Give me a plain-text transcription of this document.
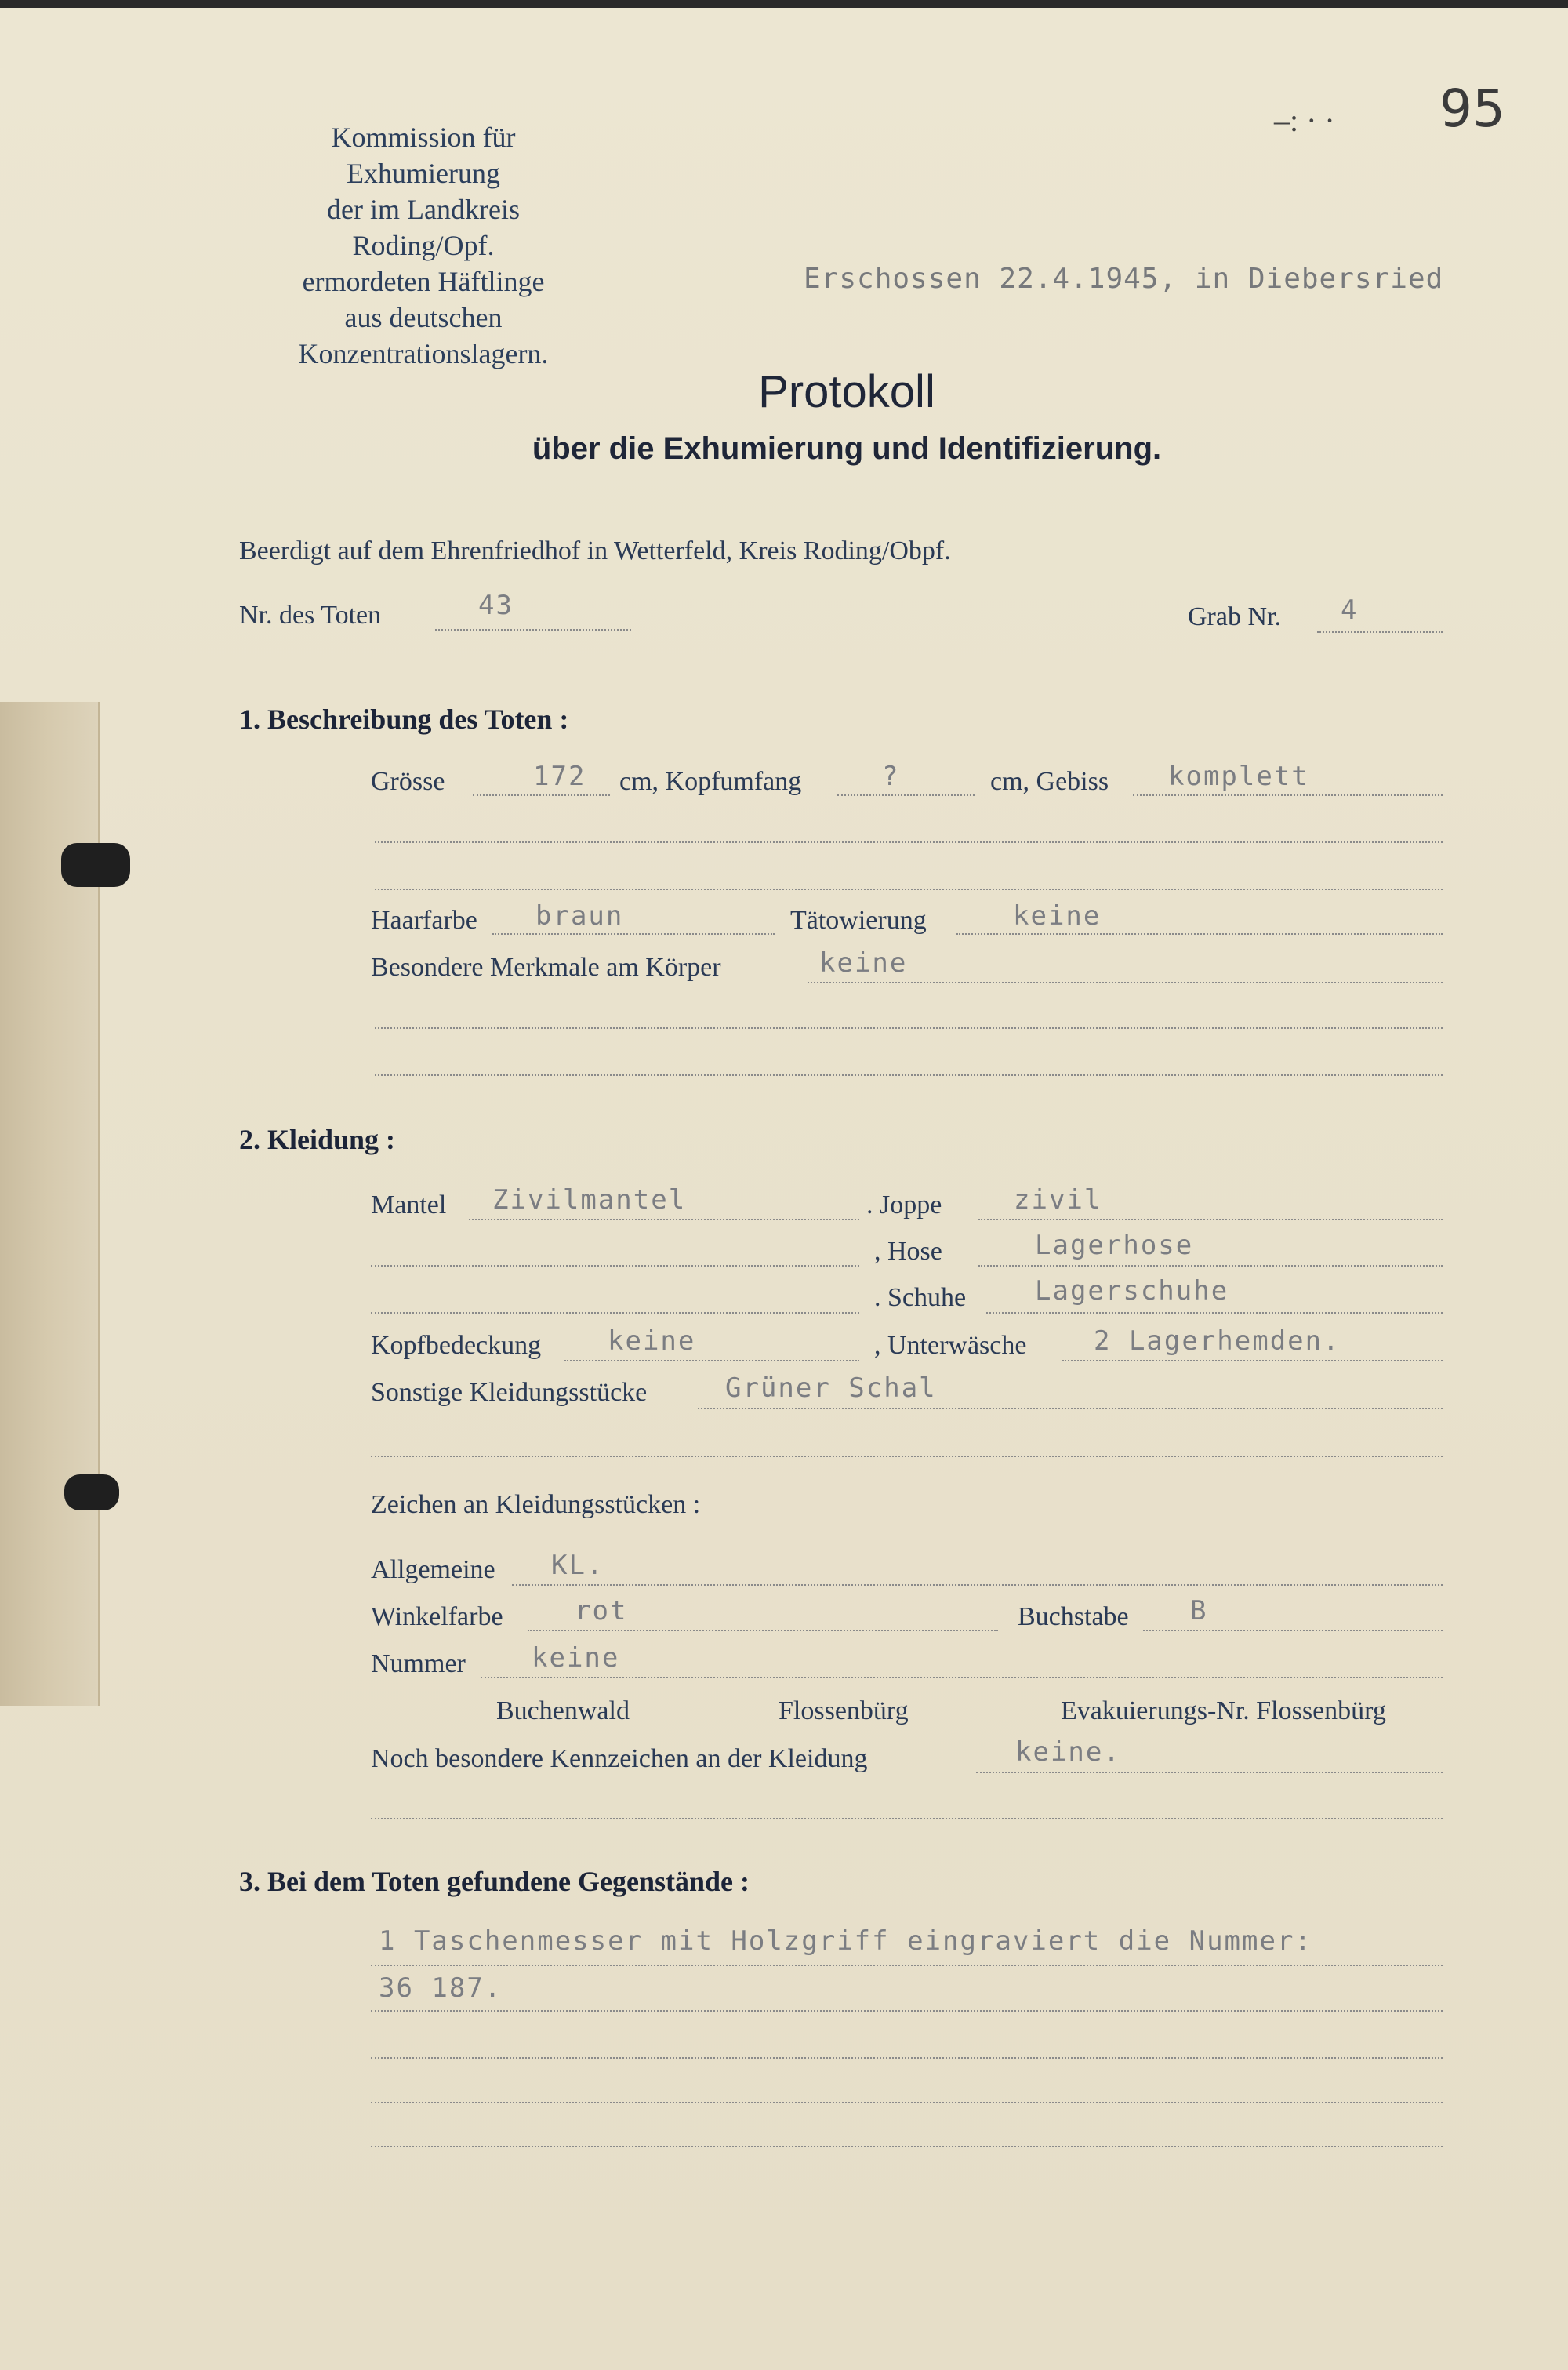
–: · · 95
Kommission für Exhumierung
der im Landkreis Roding/Opf.
ermordeten Häftlinge
aus deutschen Konzentrationslagern.
Erschossen 22.4.1945, in Diebersried
Protokoll
über die Exhumierung und Identifizierung.
Beerdigt auf dem Ehrenfriedhof in Wetterfeld, Kreis Roding/Obpf.
Nr. des Toten	43	Grab Nr. 4
1. Beschreibung des Toten :
Grösse	172 cm, Kopfumfang	?	cm, Gebiss komplett
Haarfarbe braun	Tätowierung	keine
Besondere Merkmale am Körper	keine
2. Kleidung :
Mantel Zivilmantel	. Joppe	zivil
, Hose	Lagerhose
. Schuhe	Lagerschuhe
Kopfbedeckung keine	, Unterwäsche	2 Lagerhemden.
Sonstige Kleidungsstücke	Grüner Schal
Zeichen an Kleidungsstücken :
Allgemeine KL.
Winkelfarbe	rot	Buchstabe B
Nummer keine
Buchenwald	Flossenbürg	Evakuierungs-Nr. Flossenbürg
Noch besondere Kennzeichen an der Kleidung	keine.
3. Bei dem Toten gefundene Gegenstände :
1 Taschenmesser mit Holzgriff eingraviert die Nummer:
36 187.
